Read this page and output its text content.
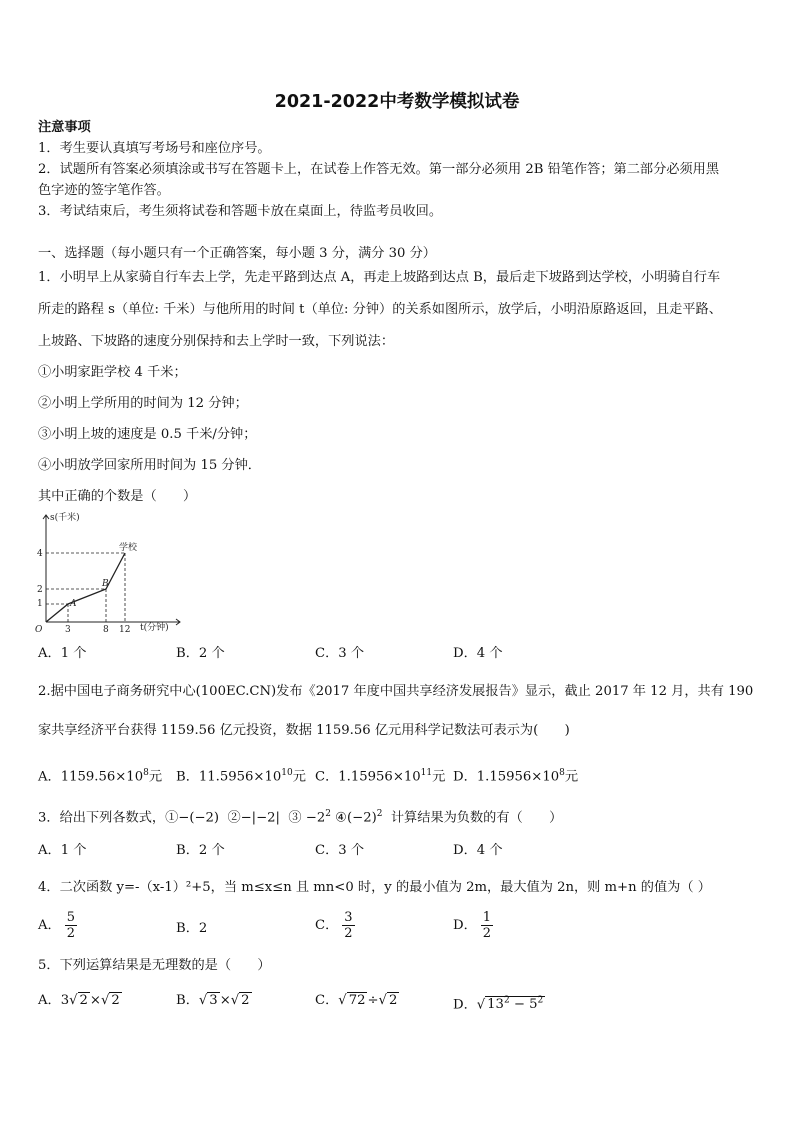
2021-2022中考数学模拟试卷
注意事项
1．考生要认真填写考场号和座位序号。
2．试题所有答案必须填涂或书写在答题卡上，在试卷上作答无效。第一部分必须用 2B 铅笔作答；第二部分必须用黑
色字迹的签字笔作答。
3．考试结束后，考生须将试卷和答题卡放在桌面上，待监考员收回。
一、选择题（每小题只有一个正确答案，每小题 3 分，满分 30 分）
1．小明早上从家骑自行车去上学，先走平路到达点 A，再走上坡路到达点 B，最后走下坡路到达学校，小明骑自行车
所走的路程 s（单位: 千米）与他所用的时间 t（单位: 分钟）的关系如图所示，放学后，小明沿原路返回，且走平路、
上坡路、下坡路的速度分别保持和去上学时一致，下列说法：
①小明家距学校 4 千米；
②小明上学所用的时间为 12 分钟；
③小明上坡的速度是 0.5 千米/分钟；
④小明放学回家所用时间为 15 分钟．
其中正确的个数是（　　）
s(千米)
t(分钟)
O
4
2
1
3	8 12
A
B
学校
A．1 个	B．2 个	C．3 个	D．4 个
2.据中国电子商务研究中心(100EC.CN)发布《2017 年度中国共享经济发展报告》显示，截止 2017 年 12 月，共有 190
家共享经济平台获得 1159.56 亿元投资，数据 1159.56 亿元用科学记数法可表示为(　　)
A．$1159.56\times 10^8$元 B．$11.5956\times 10^{10}$元 C．$1.15956\times 10^{11}$元 D．$1.15956\times 10^8$元
3．给出下列各数式，①−(−2) ②−|−2| ③ $-2^2$ $④(-2)^2$ 计算结果为负数的有（　　）
A．1 个	B．2 个	C．3 个	D．4 个
4．二次函数 y=-（x-1）²+5，当 m≤x≤n 且 mn<0 时，y 的最小值为 2m，最大值为 2n，则 m+n 的值为（ ）
A． $\frac{5}{2}$	B．2	C． $\frac{3}{2}$	D． $\frac{1}{2}$
5．下列运算结果是无理数的是（　　）
A．3√ 2 ×√ 2	B．√ 3 ×√ 2	C．√ 72 ÷√ 2	D．√ $13^2 - 5^2$
